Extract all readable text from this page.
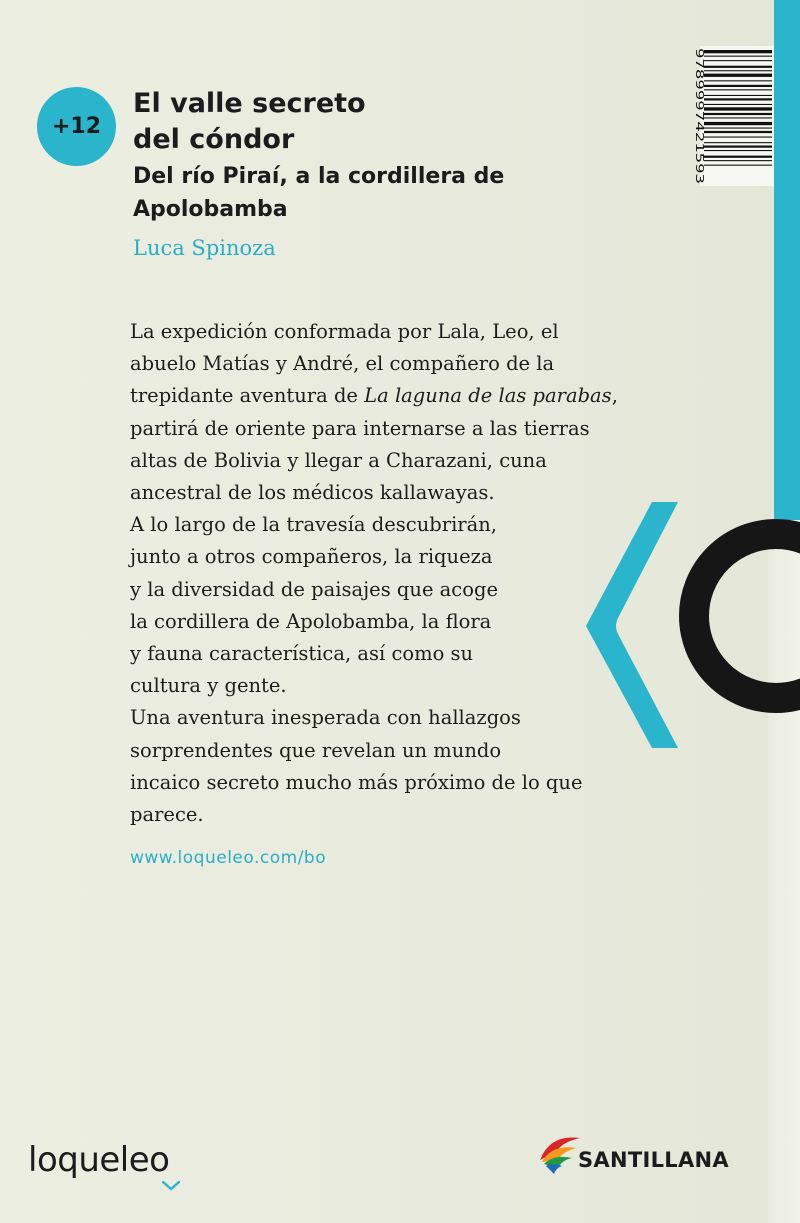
+12
El valle secreto
del cóndor
Del río Piraí, a la cordillera de
Apolobamba

Luca Spinoza

La expedición conformada por Lala, Leo, el
abuelo Matías y André, el compañero de la
trepidante aventura de La laguna de las parabas,
partirá de oriente para internarse a las tierras
altas de Bolivia y llegar a Charazani, cuna
ancestral de los médicos kallawayas.
A lo largo de la travesía descubrirán,
junto a otros compañeros, la riqueza
y la diversidad de paisajes que acoge
la cordillera de Apolobamba, la flora
y fauna característica, así como su
cultura y gente.
Una aventura inesperada con hallazgos
sorprendentes que revelan un mundo
incaico secreto mucho más próximo de lo que
parece.

www.loqueleo.com/bo

9789997421593

loqueleo	SANTILLANA
